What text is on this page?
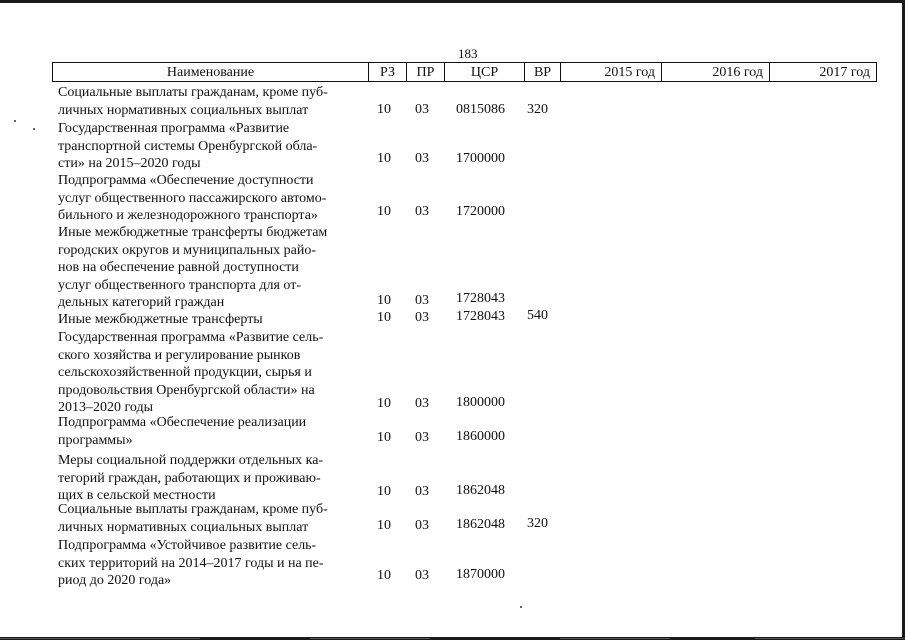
183
Наименование	РЗ	ПР	ЦСР	ВР	2015 год	2016 год	2017 год
Социальные выплаты гражданам, кроме пуб-
личных нормативных социальных выплат	10 03 0815086 320
Государственная программа «Развитие
транспортной системы Оренбургской обла-
сти» на 2015–2020 годы	10 03 1700000
Подпрограмма «Обеспечение доступности
услуг общественного пассажирского автомо-
бильного и железнодорожного транспорта»	10 03 1720000
Иные межбюджетные трансферты бюджетам
городских округов и муниципальных райо-
нов на обеспечение равной доступности
услуг общественного транспорта для от-
дельных категорий граждан	10 03 1728043
Иные межбюджетные трансферты	10 03 1728043 540
Государственная программа «Развитие сель-
ского хозяйства и регулирование рынков
сельскохозяйственной продукции, сырья и
продовольствия Оренбургской области» на
2013–2020 годы	10 03 1800000
Подпрограмма «Обеспечение реализации
программы»	10 03 1860000
Меры социальной поддержки отдельных ка-
тегорий граждан, работающих и проживаю-
щих в сельской местности	10 03 1862048
Социальные выплаты гражданам, кроме пуб-
личных нормативных социальных выплат	10 03 1862048 320
Подпрограмма «Устойчивое развитие сель-
ских территорий на 2014–2017 годы и на пе-
риод до 2020 года»	10 03 1870000
